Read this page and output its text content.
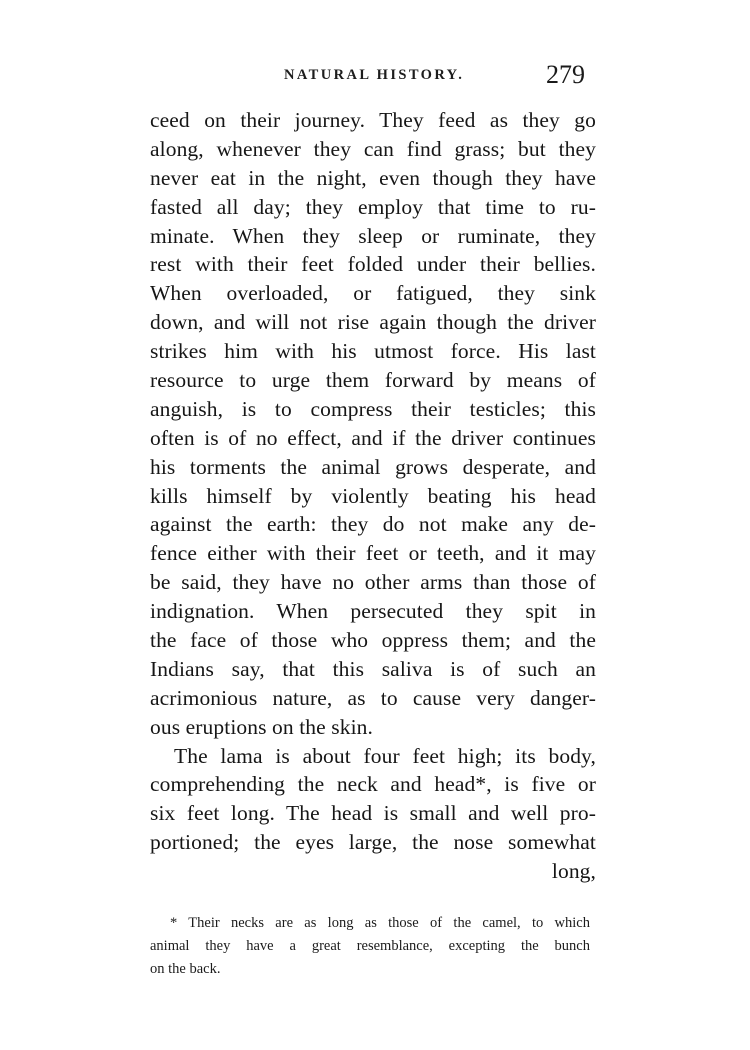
NATURAL HISTORY.	279
ceed on their journey. They feed as they go
along, whenever they can find grass; but they
never eat in the night, even though they have
fasted all day; they employ that time to ru-
minate. When they sleep or ruminate, they
rest with their feet folded under their bellies.
When overloaded, or fatigued, they sink
down, and will not rise again though the driver
strikes him with his utmost force. His last
resource to urge them forward by means of
anguish, is to compress their testicles; this
often is of no effect, and if the driver continues
his torments the animal grows desperate, and
kills himself by violently beating his head
against the earth: they do not make any de-
fence either with their feet or teeth, and it may
be said, they have no other arms than those of
indignation. When persecuted they spit in
the face of those who oppress them; and the
Indians say, that this saliva is of such an
acrimonious nature, as to cause very danger-
ous eruptions on the skin.
The lama is about four feet high; its body,
comprehending the neck and head*, is five or
six feet long. The head is small and well pro-
portioned; the eyes large, the nose somewhat
long,
* Their necks are as long as those of the camel, to which
animal they have a great resemblance, excepting the bunch
on the back.
